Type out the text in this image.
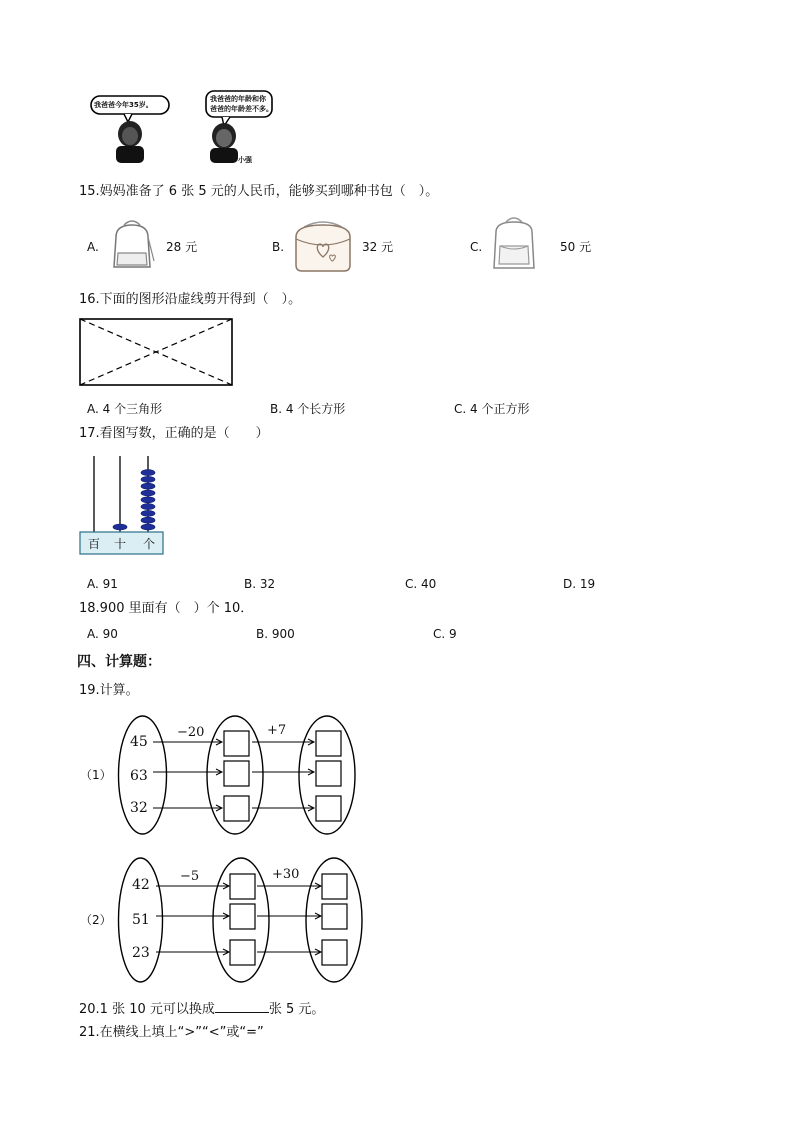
我爸爸今年35岁。
我爸爸的年龄和你
爸爸的年龄差不多。
小强
15.妈妈准备了 6 张 5 元的人民币，能够买到哪种书包（　）。
A.	28 元	B.	32 元	C.	50 元
16.下面的图形沿虚线剪开得到（　）。
A. 4 个三角形	B. 4 个长方形	C. 4 个正方形
17.看图写数，正确的是（　　）
百 十 个
A. 91	B. 32	C. 40	D. 19
18.900 里面有（　）个 10．
A. 90	B. 900	C. 9
四、计算题：
19.计算。
（1）
45
63
32
−20	+7
（2）
42
51
23
−5	+30
20.1 张 10 元可以换成	张 5 元。
21.在横线上填上“>”“<”或“=”
